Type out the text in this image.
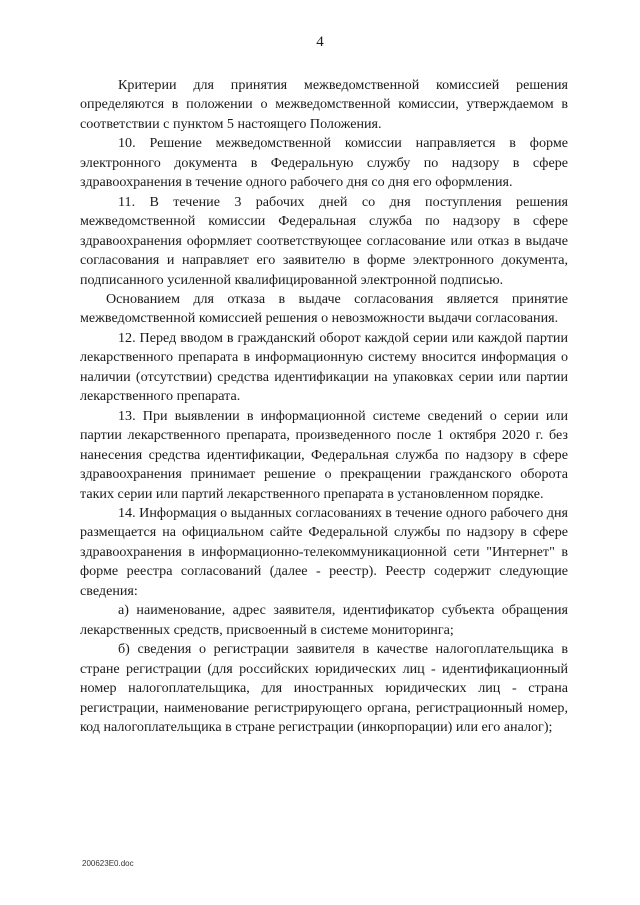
4

Критерии для принятия межведомственной комиссией решения определяются в положении о межведомственной комиссии, утверждаемом в соответствии с пунктом 5 настоящего Положения.

10. Решение межведомственной комиссии направляется в форме электронного документа в Федеральную службу по надзору в сфере здравоохранения в течение одного рабочего дня со дня его оформления.

11. В течение 3 рабочих дней со дня поступления решения межведомственной комиссии Федеральная служба по надзору в сфере здравоохранения оформляет соответствующее согласование или отказ в выдаче согласования и направляет его заявителю в форме электронного документа, подписанного усиленной квалифицированной электронной подписью.

Основанием для отказа в выдаче согласования является принятие межведомственной комиссией решения о невозможности выдачи согласования.

12. Перед вводом в гражданский оборот каждой серии или каждой партии лекарственного препарата в информационную систему вносится информация о наличии (отсутствии) средства идентификации на упаковках серии или партии лекарственного препарата.

13. При выявлении в информационной системе сведений о серии или партии лекарственного препарата, произведенного после 1 октября 2020 г. без нанесения средства идентификации, Федеральная служба по надзору в сфере здравоохранения принимает решение о прекращении гражданского оборота таких серии или партий лекарственного препарата в установленном порядке.

14. Информация о выданных согласованиях в течение одного рабочего дня размещается на официальном сайте Федеральной службы по надзору в сфере здравоохранения в информационно-телекоммуникационной сети "Интернет" в форме реестра согласований (далее - реестр). Реестр содержит следующие сведения:

а) наименование, адрес заявителя, идентификатор субъекта обращения лекарственных средств, присвоенный в системе мониторинга;

б) сведения о регистрации заявителя в качестве налогоплательщика в стране регистрации (для российских юридических лиц - идентификационный номер налогоплательщика, для иностранных юридических лиц - страна регистрации, наименование регистрирующего органа, регистрационный номер, код налогоплательщика в стране регистрации (инкорпорации) или его аналог);

200623E0.doc
